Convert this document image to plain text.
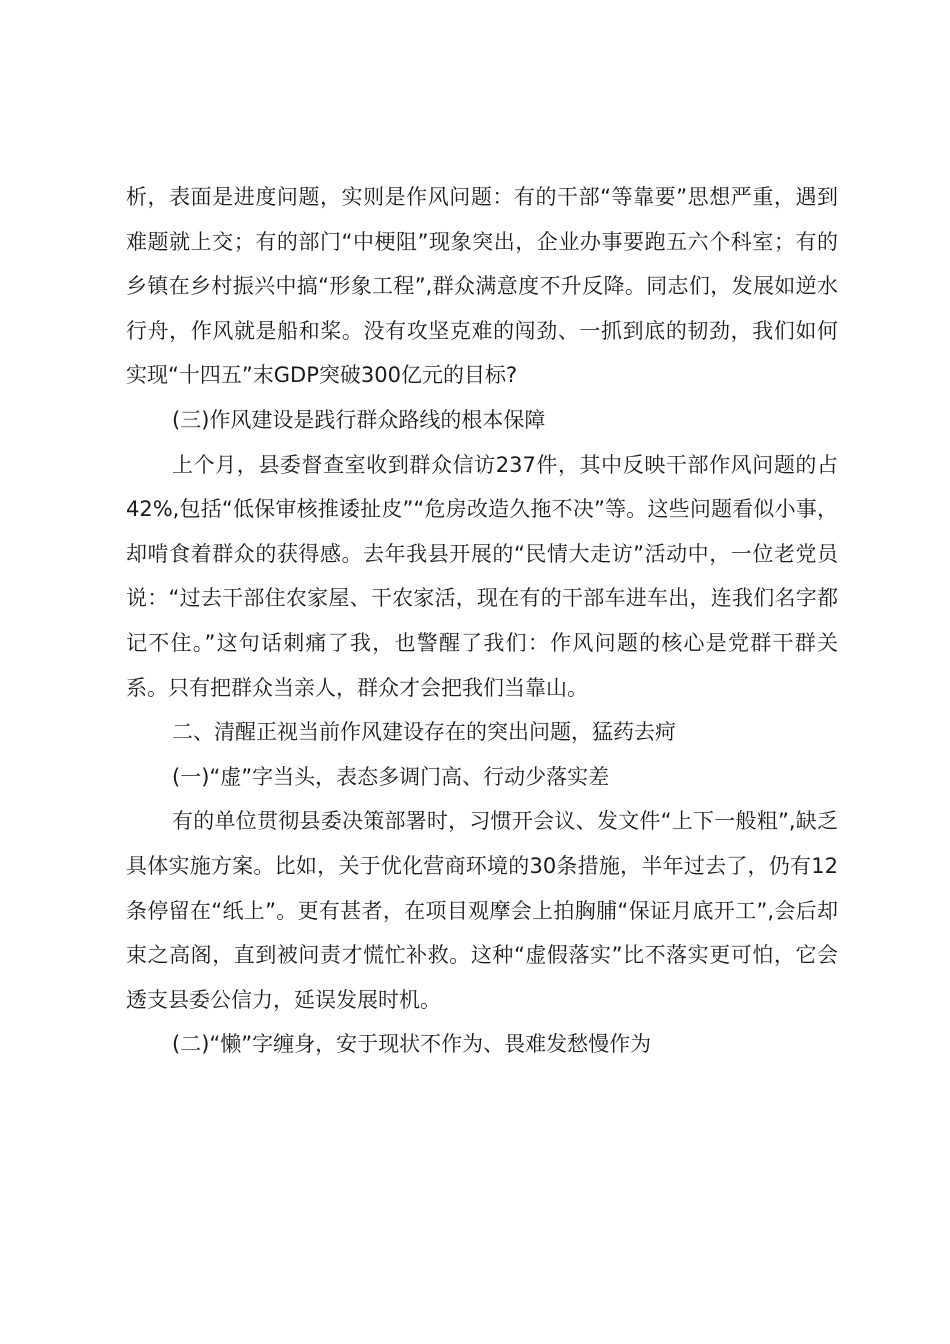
析，表面是进度问题，实则是作风问题：有的干部“等靠要”思想严重，遇到难题就上交；有的部门“中梗阻”现象突出，企业办事要跑五六个科室；有的乡镇在乡村振兴中搞“形象工程”,群众满意度不升反降。同志们，发展如逆水行舟，作风就是船和桨。没有攻坚克难的闯劲、一抓到底的韧劲，我们如何实现“十四五”末GDP突破300亿元的目标?

(三)作风建设是践行群众路线的根本保障

上个月，县委督查室收到群众信访237件，其中反映干部作风问题的占42%,包括“低保审核推诿扯皮”“危房改造久拖不决”等。这些问题看似小事，却啃食着群众的获得感。去年我县开展的“民情大走访”活动中，一位老党员说：“过去干部住农家屋、干农家活，现在有的干部车进车出，连我们名字都记不住。”这句话刺痛了我，也警醒了我们：作风问题的核心是党群干群关系。只有把群众当亲人，群众才会把我们当靠山。

二、清醒正视当前作风建设存在的突出问题，猛药去疴

(一)“虚”字当头，表态多调门高、行动少落实差

有的单位贯彻县委决策部署时，习惯开会议、发文件“上下一般粗”,缺乏具体实施方案。比如，关于优化营商环境的30条措施，半年过去了，仍有12条停留在“纸上”。更有甚者，在项目观摩会上拍胸脯“保证月底开工”,会后却束之高阁，直到被问责才慌忙补救。这种“虚假落实”比不落实更可怕，它会透支县委公信力，延误发展时机。

(二)“懒”字缠身，安于现状不作为、畏难发愁慢作为
